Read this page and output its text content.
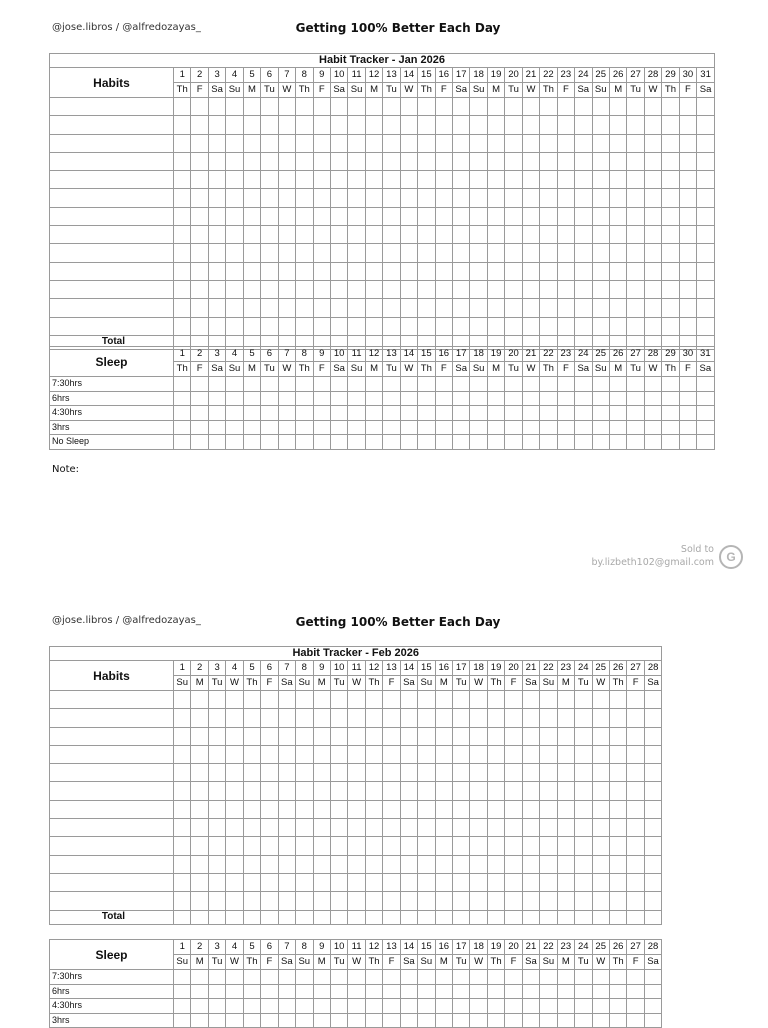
@jose.libros / @alfredozayas_	Getting 100% Better Each Day
Habit Tracker - Jan 2026																															
Habits	1	2	3	4	5	6	7	8	9	10	11	12	13	14	15	16	17	18	19	20	21	22	23	24	25	26	27	28	29	30	31
	Th	F	Sa	Su	M	Tu	W	Th	F	Sa	Su	M	Tu	W	Th	F	Sa	Su	M	Tu	W	Th	F	Sa	Su	M	Tu	W	Th	F	Sa

Total																															
Sleep	1	2	3	4	5	6	7	8	9	10	11	12	13	14	15	16	17	18	19	20	21	22	23	24	25	26	27	28	29	30	31
	Th	F	Sa	Su	M	Tu	W	Th	F	Sa	Su	M	Tu	W	Th	F	Sa	Su	M	Tu	W	Th	F	Sa	Su	M	Tu	W	Th	F	Sa
7:30hrs																															
6hrs																															
4:30hrs																															
3hrs																															
No Sleep																															
Note:
Sold to
by.lizbeth102@gmail.com	G
@jose.libros / @alfredozayas_	Getting 100% Better Each Day
Habit Tracker - Feb 2026																												
Habits	1	2	3	4	5	6	7	8	9	10	11	12	13	14	15	16	17	18	19	20	21	22	23	24	25	26	27	28
	Su	M	Tu	W	Th	F	Sa	Su	M	Tu	W	Th	F	Sa	Su	M	Tu	W	Th	F	Sa	Su	M	Tu	W	Th	F	Sa

Total																												
Sleep	1	2	3	4	5	6	7	8	9	10	11	12	13	14	15	16	17	18	19	20	21	22	23	24	25	26	27	28
	Su	M	Tu	W	Th	F	Sa	Su	M	Tu	W	Th	F	Sa	Su	M	Tu	W	Th	F	Sa	Su	M	Tu	W	Th	F	Sa
7:30hrs																												
6hrs																												
4:30hrs																												
3hrs																												
